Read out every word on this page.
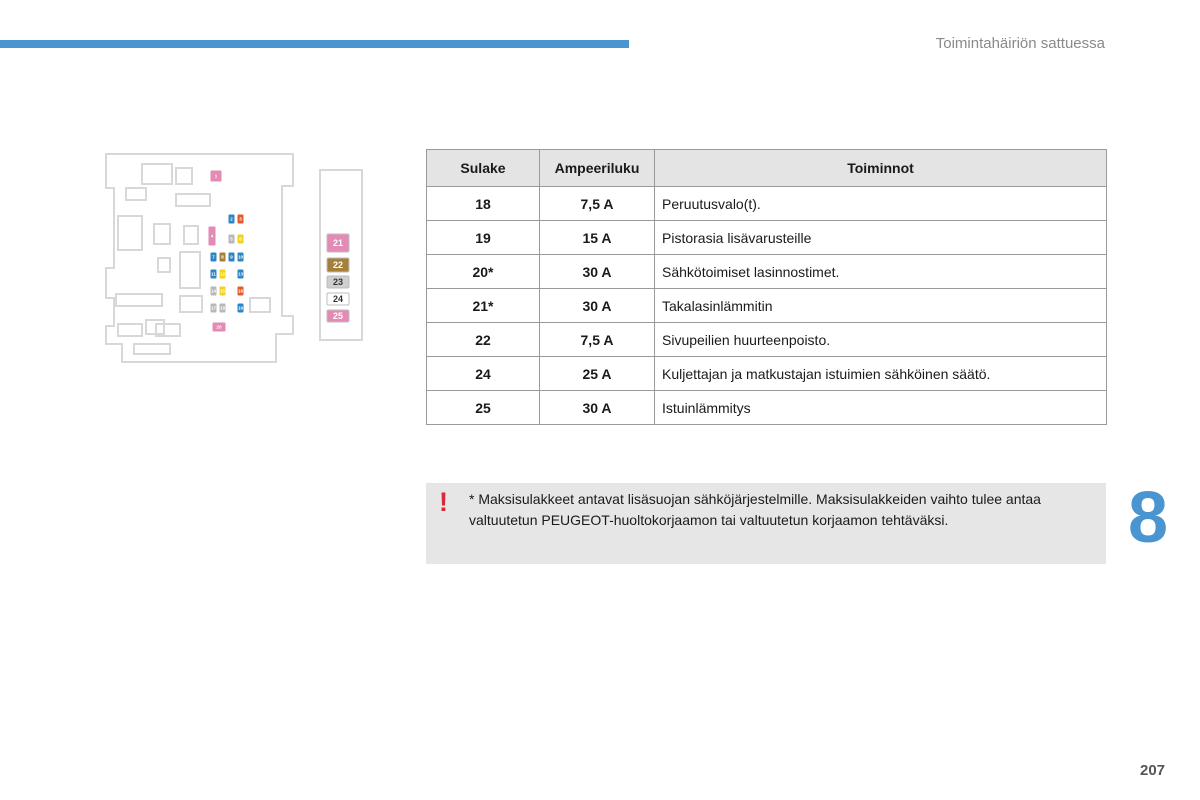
Toimintahäiriön sattuessa
1
2 3
4
5 6
7 8 9 10
11 12	13
14 15	16
17 18	19
20
21
22
23
24
25
Sulake	Ampeeriluku	Toiminnot
18	7,5 A	Peruutusvalo(t).
19	15 A	Pistorasia lisävarusteille
20*	30 A	Sähkötoimiset lasinnostimet.
21*	30 A	Takalasinlämmitin
22	7,5 A	Sivupeilien huurteenpoisto.
24	25 A	Kuljettajan ja matkustajan istuimien sähköinen säätö.
25	30 A	Istuinlämmitys
! * Maksisulakkeet antavat lisäsuojan sähköjärjestelmille. Maksisulakkeiden vaihto tulee antaa valtuutetun PEUGEOT-huoltokorjaamon tai valtuutetun korjaamon tehtäväksi.	8
207
